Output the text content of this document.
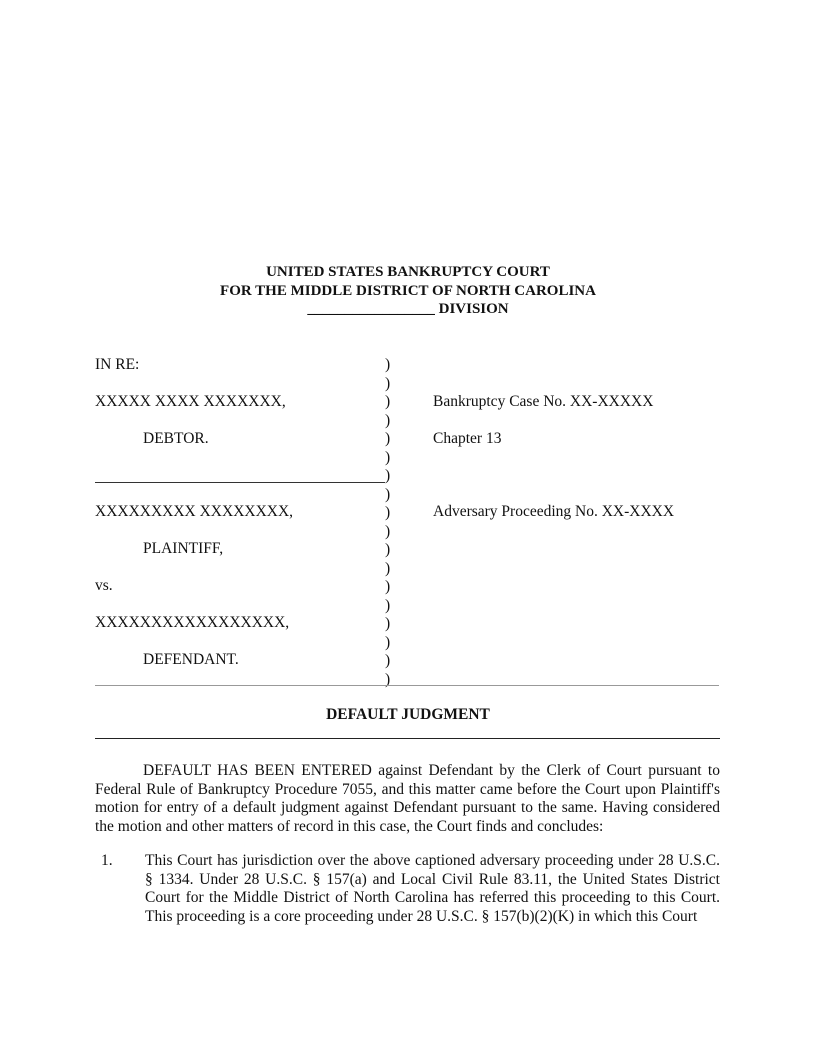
UNITED STATES BANKRUPTCY COURT
FOR THE MIDDLE DISTRICT OF NORTH CAROLINA
_________________ DIVISION
IN RE:
XXXXX XXXX XXXXXXX,
DEBTOR.
XXXXXXXXX XXXXXXXX,
PLAINTIFF,
vs.
XXXXXXXXXXXXXXXXX,
DEFENDANT.
)
)
)
)
)
)
)
)
)
)
)
)
)
)
)
)
)
)
Bankruptcy Case No. XX-XXXXX
Chapter 13
Adversary Proceeding No. XX-XXXX
DEFAULT JUDGMENT
DEFAULT HAS BEEN ENTERED against Defendant by the Clerk of Court pursuant to Federal Rule of Bankruptcy Procedure 7055, and this matter came before the Court upon Plaintiff's motion for entry of a default judgment against Defendant pursuant to the same. Having considered the motion and other matters of record in this case, the Court finds and concludes:
1. This Court has jurisdiction over the above captioned adversary proceeding under 28 U.S.C. § 1334. Under 28 U.S.C. § 157(a) and Local Civil Rule 83.11, the United States District Court for the Middle District of North Carolina has referred this proceeding to this Court. This proceeding is a core proceeding under 28 U.S.C. § 157(b)(2)(K) in which this Court
